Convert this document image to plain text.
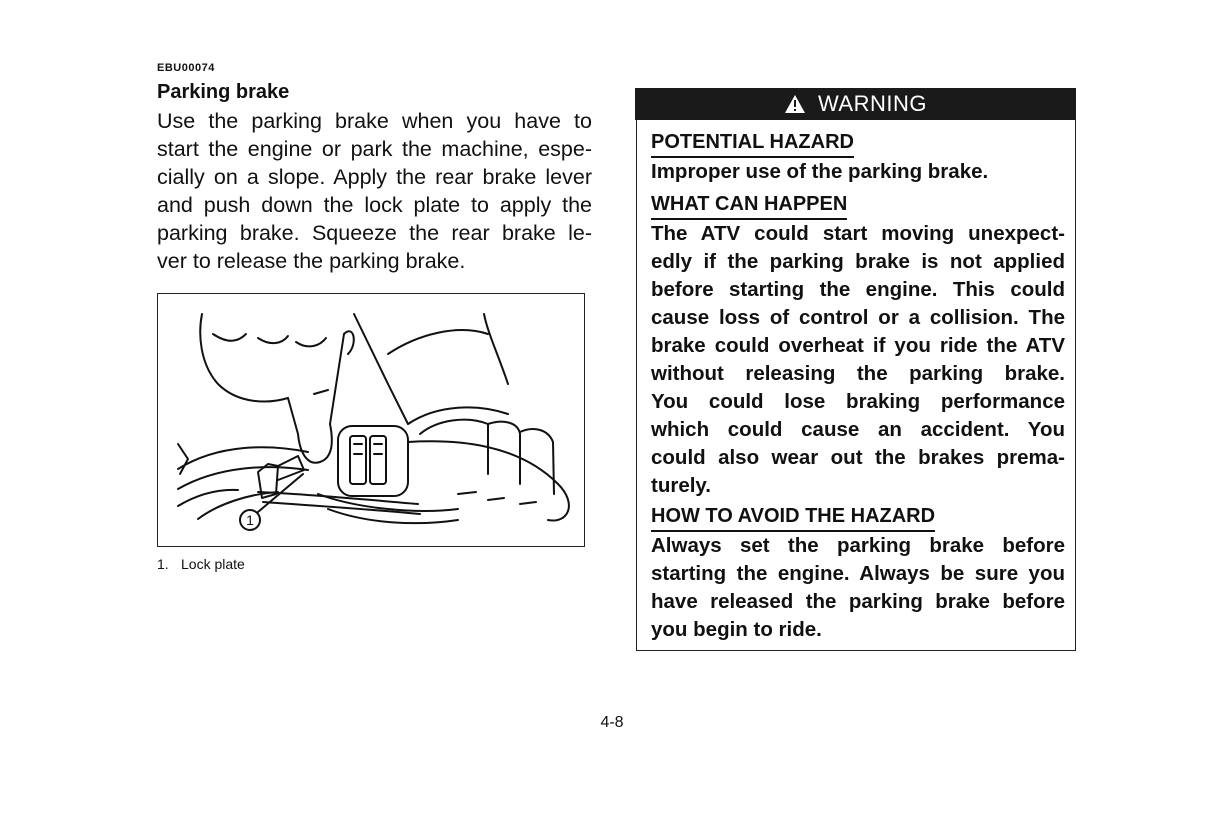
EBU00074
Parking brake
Use the parking brake when you have to
start the engine or park the machine, espe-
cially on a slope. Apply the rear brake lever
and push down the lock plate to apply the
parking brake. Squeeze the rear brake le-
ver to release the parking brake.
1
1. Lock plate
WARNING
POTENTIAL HAZARD
Improper use of the parking brake.
WHAT CAN HAPPEN
The ATV could start moving unexpect-
edly if the parking brake is not applied
before starting the engine. This could
cause loss of control or a collision. The
brake could overheat if you ride the ATV
without releasing the parking brake.
You could lose braking performance
which could cause an accident. You
could also wear out the brakes prema-
turely.
HOW TO AVOID THE HAZARD
Always set the parking brake before
starting the engine. Always be sure you
have released the parking brake before
you begin to ride.
4-8
